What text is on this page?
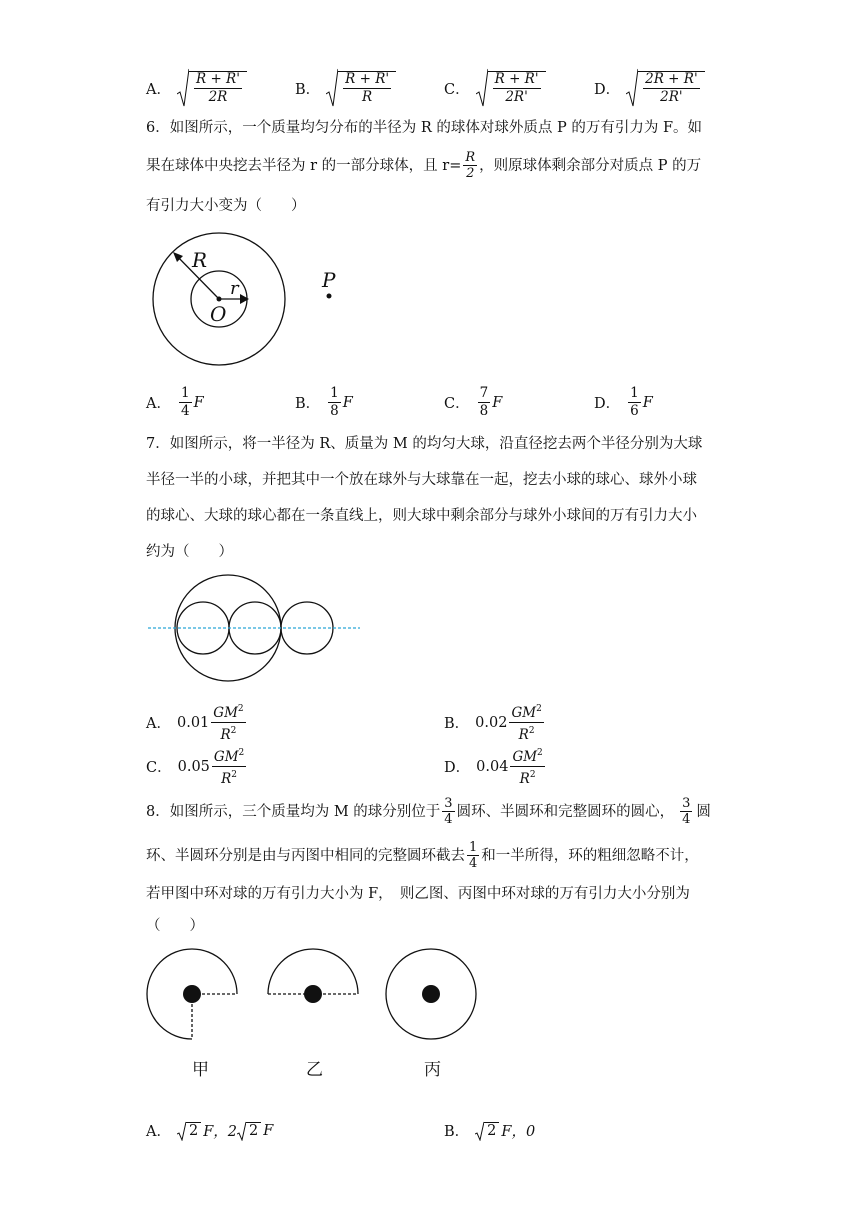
A． $\frac{R + R'}{2R}$	B． $\frac{R + R'}{R}$	C． $\frac{R + R'}{2R'}$	D． $\frac{2R + R'}{2R'}$
6．如图所示，一个质量均匀分布的半径为 R 的球体对球外质点 P 的万有引力为 F。如
果在球体中央挖去半径为 r 的一部分球体，且 $r= \frac{R}{2}$ ，则原球体剩余部分对质点 P 的万
有引力大小变为（　　）
R
r
O
P
A． $\frac{1}{4}$ F	B． $\frac{1}{8}$ F	C． $\frac{7}{8}$ F	D． $\frac{1}{6}$ F
7．如图所示，将一半径为 R、质量为 M 的均匀大球，沿直径挖去两个半径分别为大球
半径一半的小球，并把其中一个放在球外与大球靠在一起，挖去小球的球心、球外小球
的球心、大球的球心都在一条直线上，则大球中剩余部分与球外小球间的万有引力大小
约为（　　）
A． $0.01 \frac{GM^2}{R^2}$	B． $0.02 \frac{GM^2}{R^2}$
C． $0.05 \frac{GM^2}{R^2}$	D． $0.04 \frac{GM^2}{R^2}$
8．如图所示，三个质量均为 M 的球分别位于 $\frac{3}{4}$ 圆环、半圆环和完整圆环的圆心， $\frac{3}{4}$ 圆
环、半圆环分别是由与丙图中相同的完整圆环截去 $\frac{1}{4}$ 和一半所得，环的粗细忽略不计，
若甲图中环对球的万有引力大小为 F，　则乙图、丙图中环对球的万有引力大小分别为
（　　）
甲	乙	丙
A． 2 F，2 2 F	B． 2 F，0
